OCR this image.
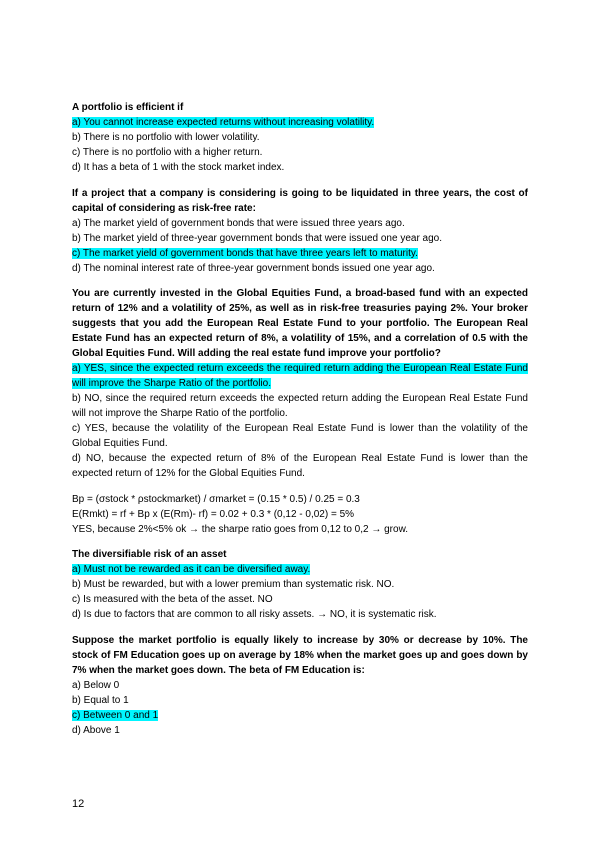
A portfolio is efficient if
a) You cannot increase expected returns without increasing volatility.
b) There is no portfolio with lower volatility.
c) There is no portfolio with a higher return.
d) It has a beta of 1 with the stock market index.
If a project that a company is considering is going to be liquidated in three years, the cost of capital of considering as risk-free rate:
a) The market yield of government bonds that were issued three years ago.
b) The market yield of three-year government bonds that were issued one year ago.
c) The market yield of government bonds that have three years left to maturity.
d) The nominal interest rate of three-year government bonds issued one year ago.
You are currently invested in the Global Equities Fund, a broad-based fund with an expected return of 12% and a volatility of 25%, as well as in risk-free treasuries paying 2%. Your broker suggests that you add the European Real Estate Fund to your portfolio. The European Real Estate Fund has an expected return of 8%, a volatility of 15%, and a correlation of 0.5 with the Global Equities Fund. Will adding the real estate fund improve your portfolio?
a) YES, since the expected return exceeds the required return adding the European Real Estate Fund will improve the Sharpe Ratio of the portfolio.
b) NO, since the required return exceeds the expected return adding the European Real Estate Fund will not improve the Sharpe Ratio of the portfolio.
c) YES, because the volatility of the European Real Estate Fund is lower than the volatility of the Global Equities Fund.
d) NO, because the expected return of 8% of the European Real Estate Fund is lower than the expected return of 12% for the Global Equities Fund.
Bp = (σstock * ρstockmarket) / σmarket = (0.15 * 0.5) / 0.25 = 0.3
E(Rmkt) = rf + Bp x (E(Rm)- rf) = 0.02 + 0.3 * (0,12 - 0,02) = 5%
YES, because 2%<5% ok → the sharpe ratio goes from 0,12 to 0,2 → grow.
The diversifiable risk of an asset
a) Must not be rewarded as it can be diversified away.
b) Must be rewarded, but with a lower premium than systematic risk. NO.
c) Is measured with the beta of the asset. NO
d) Is due to factors that are common to all risky assets. → NO, it is systematic risk.
Suppose the market portfolio is equally likely to increase by 30% or decrease by 10%. The stock of FM Education goes up on average by 18% when the market goes up and goes down by 7% when the market goes down. The beta of FM Education is:
a) Below 0
b) Equal to 1
c) Between 0 and 1
d) Above 1
12
